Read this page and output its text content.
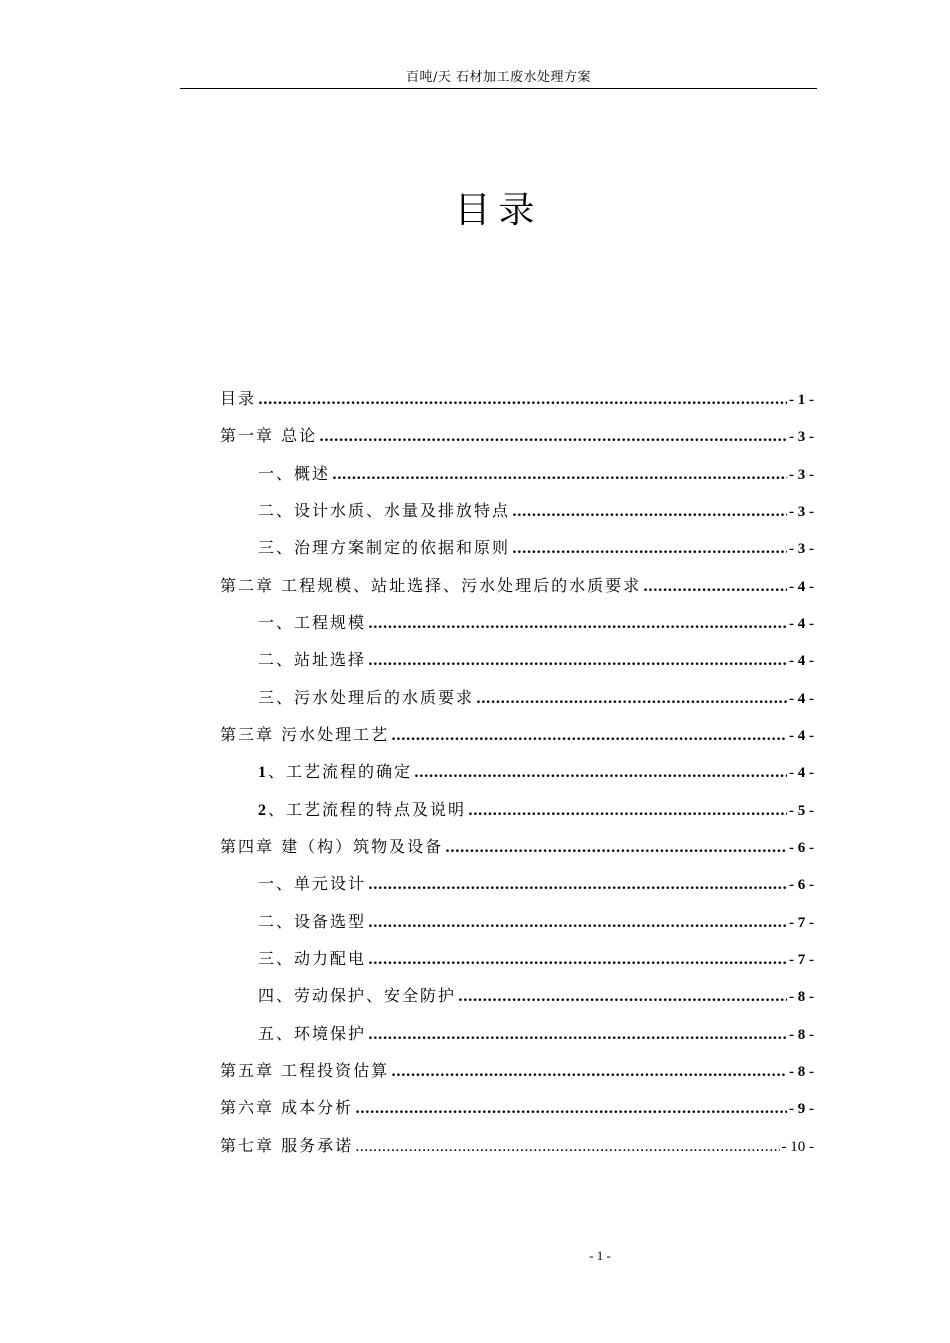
百吨/天 石材加工废水处理方案
目录
目录 .....	- 1 -
第一章 总论 .....	- 3 -
一、概述 .....	- 3 -
二、设计水质、水量及排放特点 .....	- 3 -
三、治理方案制定的依据和原则 .....	- 3 -
第二章 工程规模、站址选择、污水处理后的水质要求 .....	- 4 -
一、工程规模 .....	- 4 -
二、站址选择 .....	- 4 -
三、污水处理后的水质要求 .....	- 4 -
第三章 污水处理工艺 .....	- 4 -
1、工艺流程的确定 .....	- 4 -
2、工艺流程的特点及说明 .....	- 5 -
第四章 建（构）筑物及设备 .....	- 6 -
一、单元设计 .....	- 6 -
二、设备选型 .....	- 7 -
三、动力配电 .....	- 7 -
四、劳动保护、安全防护 .....	- 8 -
五、环境保护 .....	- 8 -
第五章 工程投资估算 .....	- 8 -
第六章 成本分析 .....	- 9 -
第七章 服务承诺 .....	- 10 -
- 1 -
